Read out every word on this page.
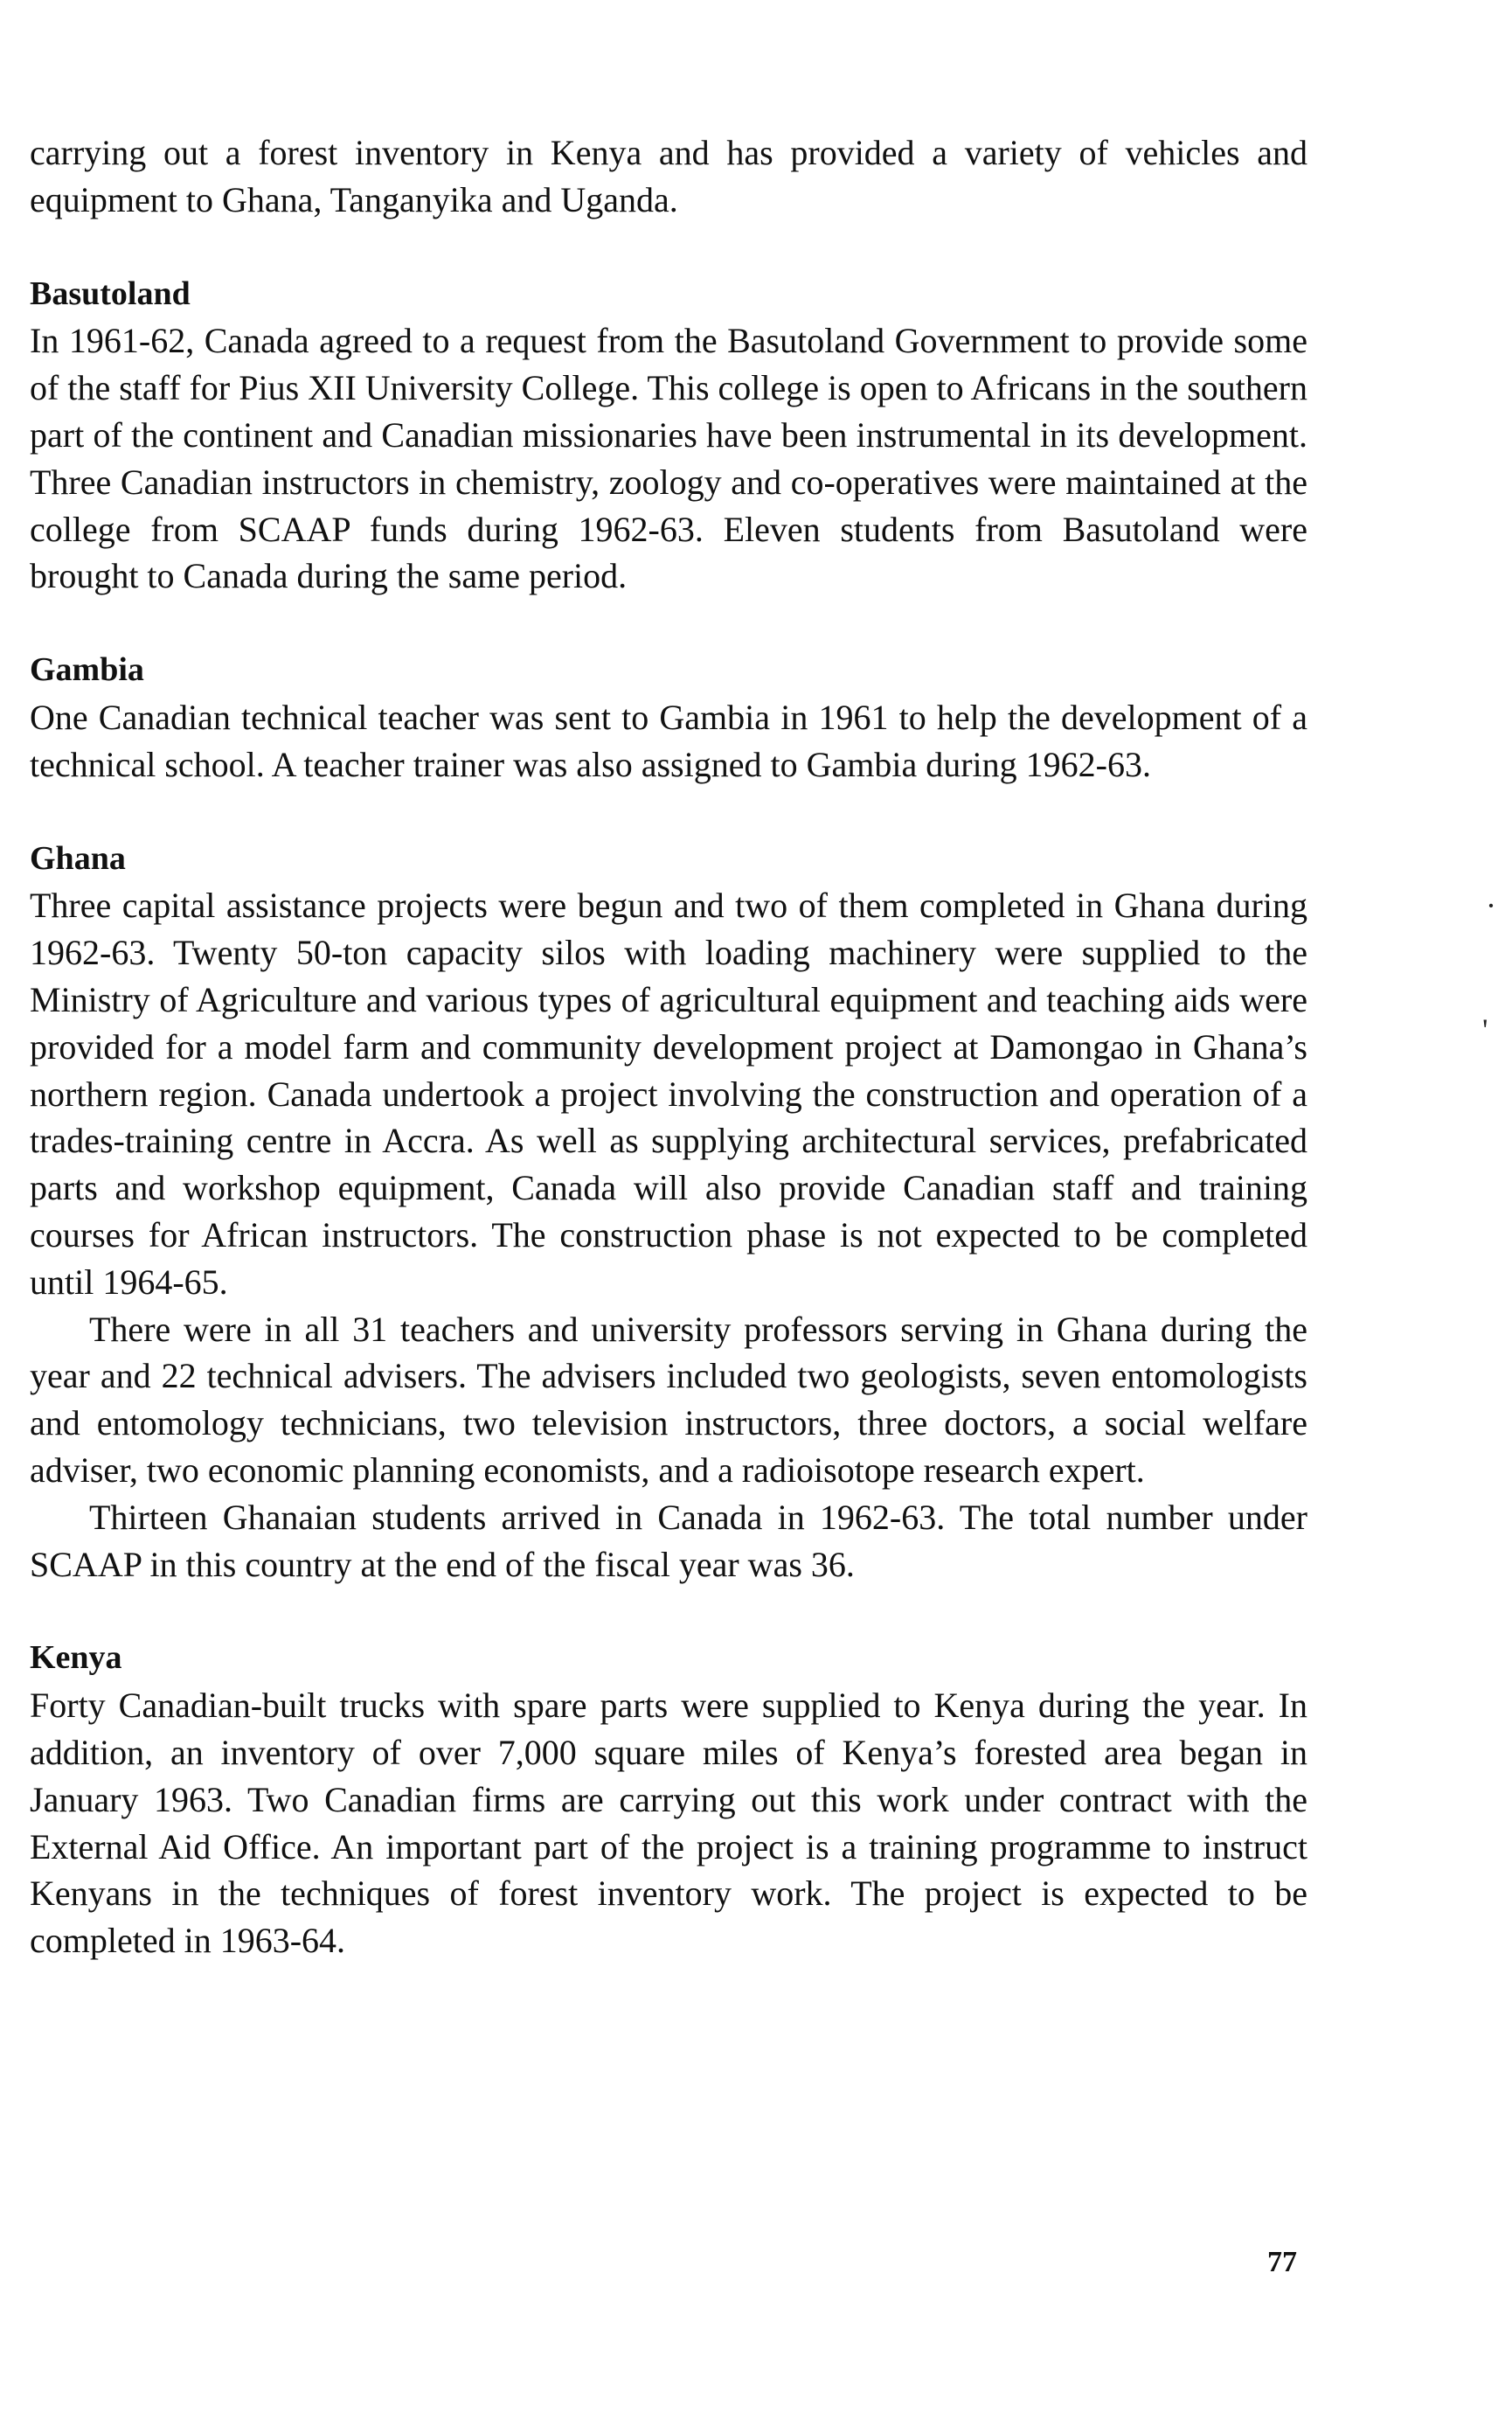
carrying out a forest inventory in Kenya and has provided a variety of vehicles and equipment to Ghana, Tanganyika and Uganda.

Basutoland

In 1961-62, Canada agreed to a request from the Basutoland Government to provide some of the staff for Pius XII University College. This college is open to Africans in the southern part of the continent and Canadian missionaries have been instrumental in its development. Three Canadian instructors in chemistry, zoology and co-operatives were maintained at the college from SCAAP funds during 1962-63. Eleven students from Basutoland were brought to Canada during the same period.

Gambia

One Canadian technical teacher was sent to Gambia in 1961 to help the development of a technical school. A teacher trainer was also assigned to Gambia during 1962-63.

Ghana

Three capital assistance projects were begun and two of them completed in Ghana during 1962-63. Twenty 50-ton capacity silos with loading machinery were supplied to the Ministry of Agriculture and various types of agricultural equipment and teaching aids were provided for a model farm and community development project at Damongao in Ghana’s northern region. Canada undertook a project involving the construction and operation of a trades-training centre in Accra. As well as supplying architectural services, prefabricated parts and workshop equipment, Canada will also provide Canadian staff and training courses for African instructors. The construction phase is not expected to be completed until 1964-65.

There were in all 31 teachers and university professors serving in Ghana during the year and 22 technical advisers. The advisers included two geologists, seven entomologists and entomology technicians, two television instructors, three doctors, a social welfare adviser, two economic planning economists, and a radioisotope research expert.

Thirteen Ghanaian students arrived in Canada in 1962-63. The total number under SCAAP in this country at the end of the fiscal year was 36.

Kenya

Forty Canadian-built trucks with spare parts were supplied to Kenya during the year. In addition, an inventory of over 7,000 square miles of Kenya’s forested area began in January 1963. Two Canadian firms are carrying out this work under contract with the External Aid Office. An important part of the project is a training programme to instruct Kenyans in the techniques of forest inventory work. The project is expected to be completed in 1963-64.

77
·
'
